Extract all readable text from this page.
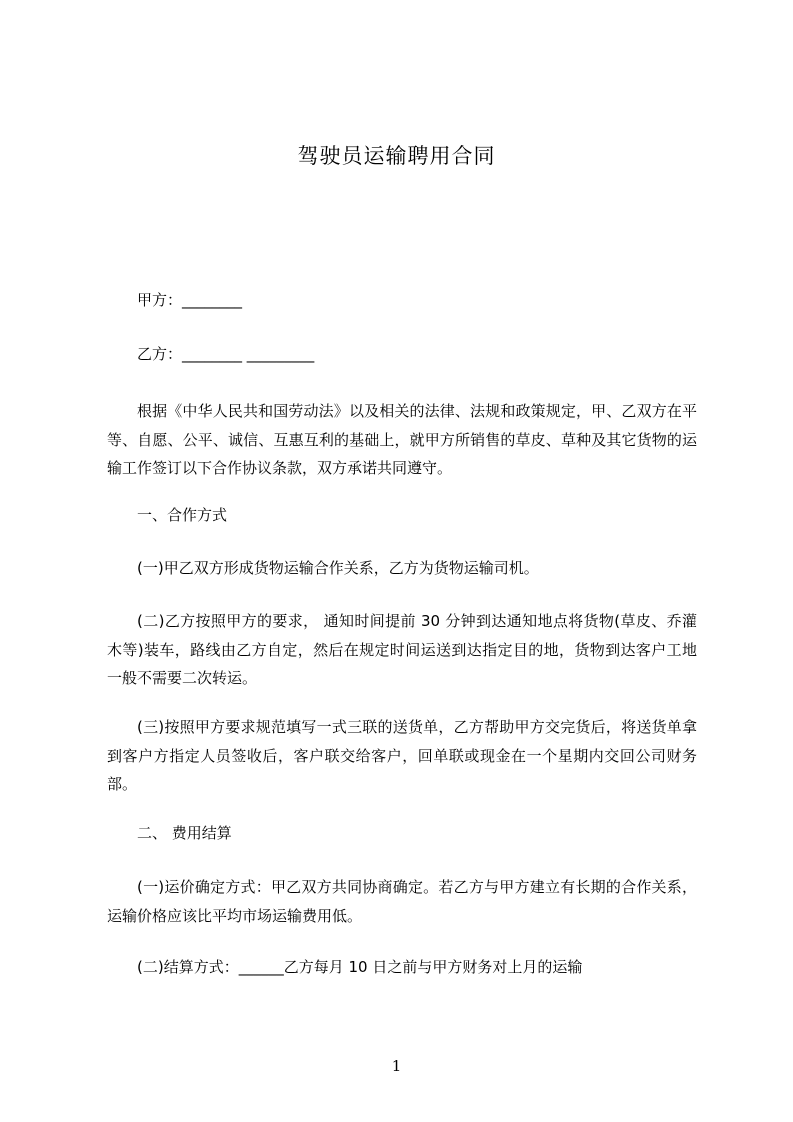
驾驶员运输聘用合同
甲方：________
乙方：________ _________

根据《中华人民共和国劳动法》以及相关的法律、法规和政策规定，甲、乙双方在平等、自愿、公平、诚信、互惠互利的基础上，就甲方所销售的草皮、草种及其它货物的运输工作签订以下合作协议条款，双方承诺共同遵守。

一、合作方式
(一)甲乙双方形成货物运输合作关系，乙方为货物运输司机。

(二)乙方按照甲方的要求， 通知时间提前 30 分钟到达通知地点将货物(草皮、乔灌木等)装车，路线由乙方自定，然后在规定时间运送到达指定目的地，货物到达客户工地一般不需要二次转运。

(三)按照甲方要求规范填写一式三联的送货单，乙方帮助甲方交完货后，将送货单拿到客户方指定人员签收后，客户联交给客户，回单联或现金在一个星期内交回公司财务部。

二、 费用结算

(一)运价确定方式：甲乙双方共同协商确定。若乙方与甲方建立有长期的合作关系，运输价格应该比平均市场运输费用低。

(二)结算方式：______乙方每月 10 日之前与甲方财务对上月的运输
1
